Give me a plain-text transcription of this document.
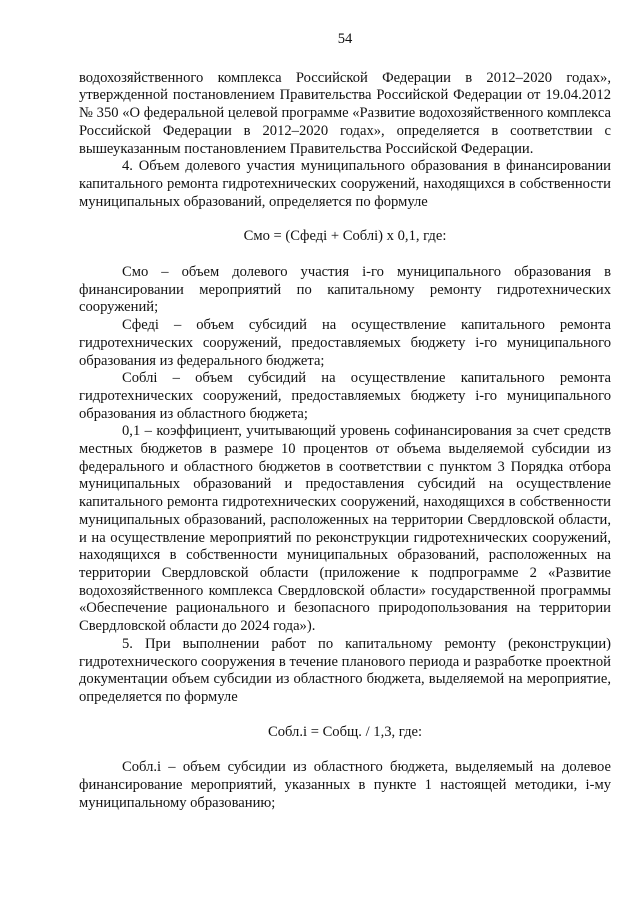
54

водохозяйственного комплекса Российской Федерации в 2012–2020 годах», утвержденной постановлением Правительства Российской Федерации от 19.04.2012 № 350 «О федеральной целевой программе «Развитие водохозяйственного комплекса Российской Федерации в 2012–2020 годах», определяется в соответствии с вышеуказанным постановлением Правительства Российской Федерации.

4. Объем долевого участия муниципального образования в финансировании капитального ремонта гидротехнических сооружений, находящихся в собственности муниципальных образований, определяется по формуле

Смо = (Сфедi + Соблi) х 0,1, где:

Смо – объем долевого участия i-го муниципального образования в финансировании мероприятий по капитальному ремонту гидротехнических сооружений;

Сфедi – объем субсидий на осуществление капитального ремонта гидротехнических сооружений, предоставляемых бюджету i-го муниципального образования из федерального бюджета;

Соблi – объем субсидий на осуществление капитального ремонта гидротехнических сооружений, предоставляемых бюджету i-го муниципального образования из областного бюджета;

0,1 – коэффициент, учитывающий уровень софинансирования за счет средств местных бюджетов в размере 10 процентов от объема выделяемой субсидии из федерального и областного бюджетов в соответствии с пунктом 3 Порядка отбора муниципальных образований и предоставления субсидий на осуществление капитального ремонта гидротехнических сооружений, находящихся в собственности муниципальных образований, расположенных на территории Свердловской области, и на осуществление мероприятий по реконструкции гидротехнических сооружений, находящихся в собственности муниципальных образований, расположенных на территории Свердловской области (приложение к подпрограмме 2 «Развитие водохозяйственного комплекса Свердловской области» государственной программы «Обеспечение рационального и безопасного природопользования на территории Свердловской области до 2024 года»).

5. При выполнении работ по капитальному ремонту (реконструкции) гидротехнического сооружения в течение планового периода и разработке проектной документации объем субсидии из областного бюджета, выделяемой на мероприятие, определяется по формуле

Собл.i = Собщ. / 1,3, где:

Собл.i – объем субсидии из областного бюджета, выделяемый на долевое финансирование мероприятий, указанных в пункте 1 настоящей методики, i-му муниципальному образованию;
